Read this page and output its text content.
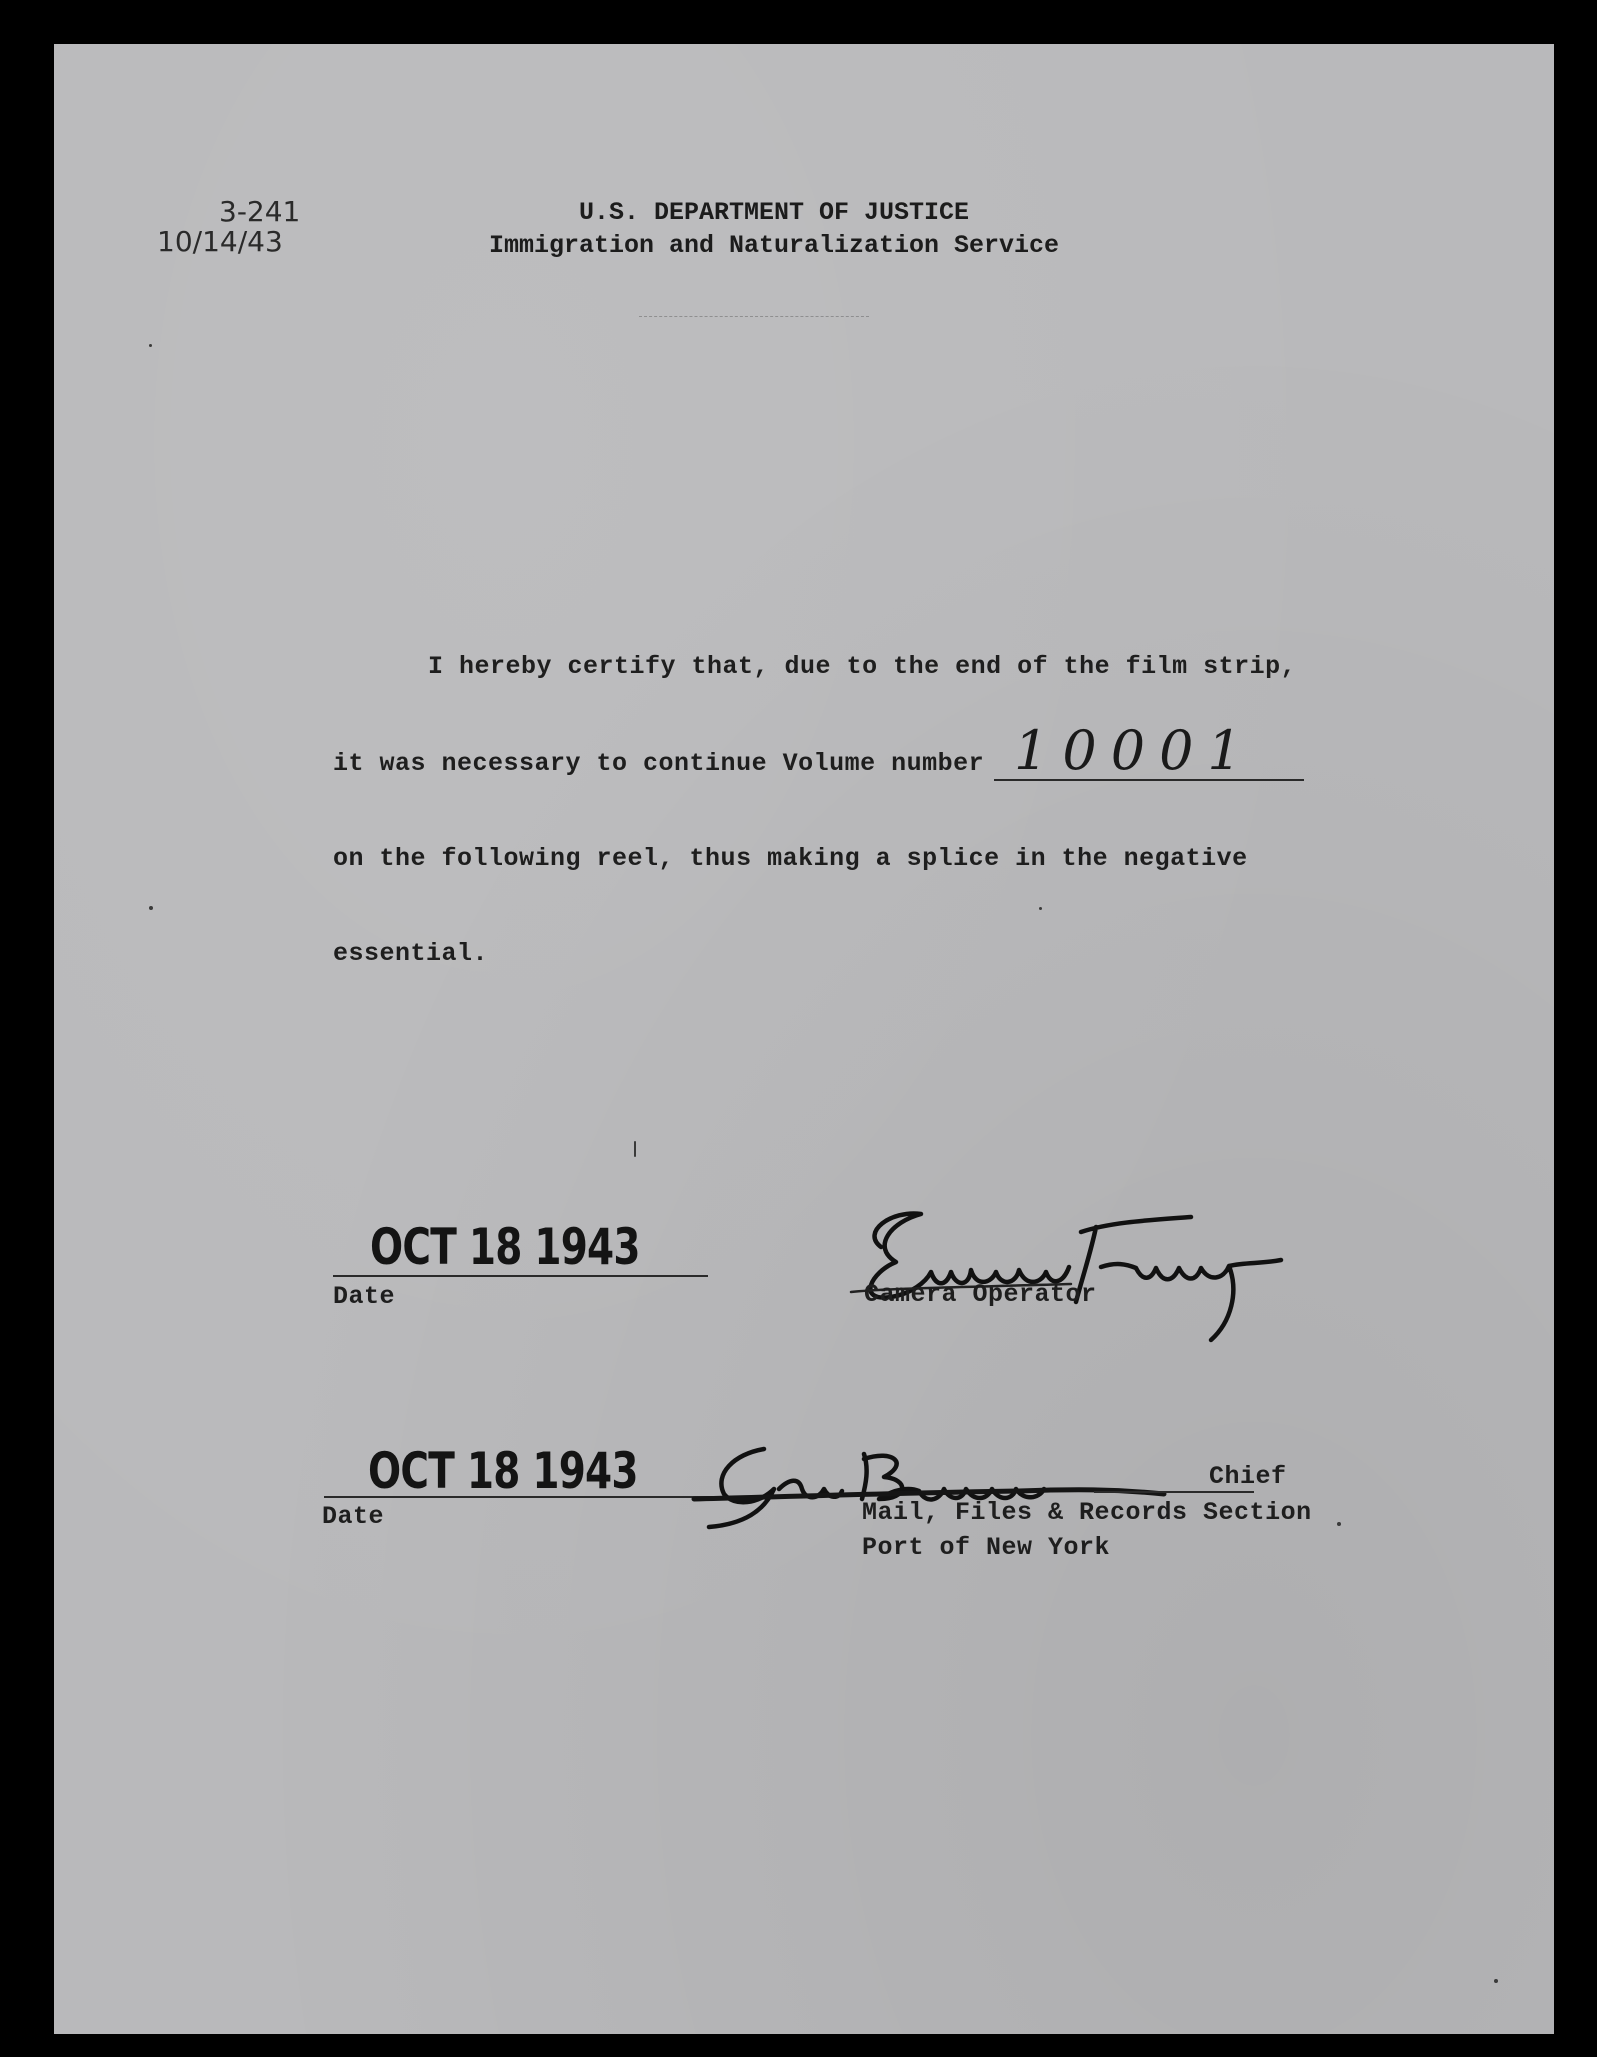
3-241
10/14/43
U.S. DEPARTMENT OF JUSTICE
Immigration and Naturalization Service
I hereby certify that, due to the end of the film strip,
it was necessary to continue Volume number 10001
on the following reel, thus making a splice in the negative
essential.
OCT 18 1943
Date	Camera Operator
OCT 18 1943
Date
Chief
Mail, Files & Records Section
Port of New York
